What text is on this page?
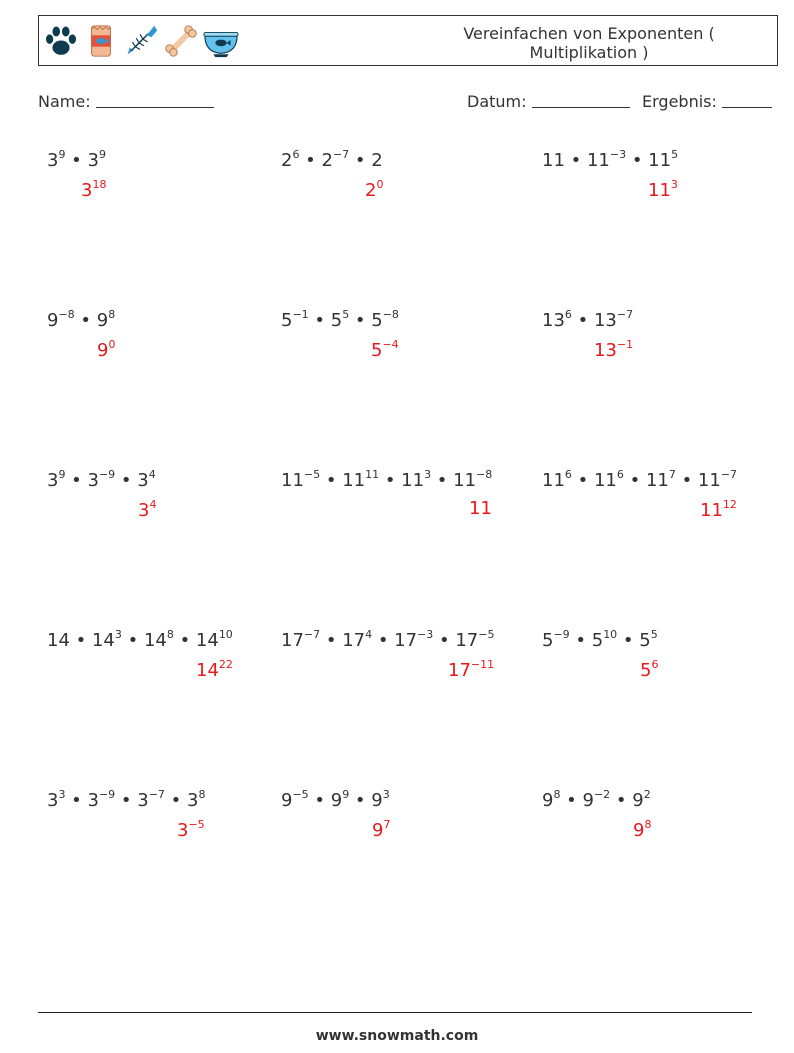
Vereinfachen von Exponenten ( Multiplikation )
Name:	Datum:	Ergebnis:
$3^9$ • $3^9$
$3^{18}$
$2^6$ • $2^{-7}$ • 2
$2^0$
11 • $11^{-3}$ • $11^5$
$11^3$
$9^{-8}$ • $9^8$
$9^0$
$5^{-1}$ • $5^5$ • $5^{-8}$
$5^{-4}$
$13^6$ • $13^{-7}$
$13^{-1}$
$3^9$ • $3^{-9}$ • $3^4$
$3^4$
$11^{-5}$ • $11^{11}$ • $11^3$ • $11^{-8}$
11
$11^6$ • $11^6$ • $11^7$ • $11^{-7}$
$11^{12}$
14 • $14^3$ • $14^8$ • $14^{10}$
$14^{22}$
$17^{-7}$ • $17^4$ • $17^{-3}$ • $17^{-5}$
$17^{-11}$
$5^{-9}$ • $5^{10}$ • $5^5$
$5^6$
$3^3$ • $3^{-9}$ • $3^{-7}$ • $3^8$
$3^{-5}$
$9^{-5}$ • $9^9$ • $9^3$
$9^7$
$9^8$ • $9^{-2}$ • $9^2$
$9^8$
www.snowmath.com
